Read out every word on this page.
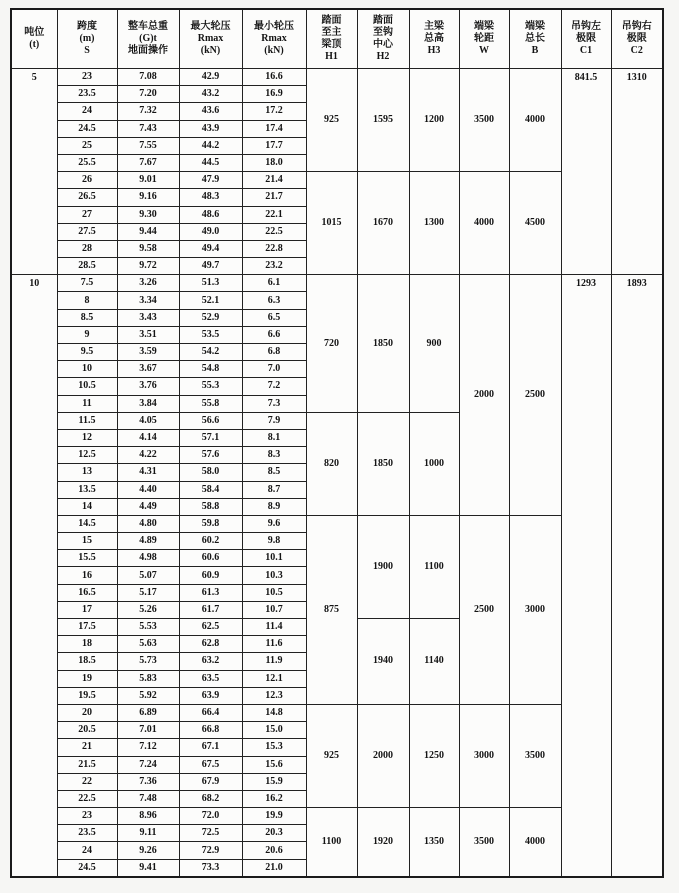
吨位
(t)

跨度
(m)
S

整车总重
(G)t
地面操作

最大轮压
Rmax
(kN)

最小轮压
Rmax
(kN)

踏面
至主
梁顶
H1

踏面
至钩
中心
H2

主梁
总高
H3

端梁
轮距
W

端梁
总长
B

吊钩左
极限
C1

吊钩右
极限
C2

5	23	7.08	42.9	16.6	925	1595	1200	3500	4000	841.5	1310
	23.5	7.20	43.2	16.9							
	24	7.32	43.6	17.2							
	24.5	7.43	43.9	17.4							
	25	7.55	44.2	17.7							
	25.5	7.67	44.5	18.0							
	26	9.01	47.9	21.4	1015	1670	1300	4000	4500		
	26.5	9.16	48.3	21.7							
	27	9.30	48.6	22.1							
	27.5	9.44	49.0	22.5							
	28	9.58	49.4	22.8							
	28.5	9.72	49.7	23.2							
10	7.5	3.26	51.3	6.1	720	1850	900	2000	2500	1293	1893
	8	3.34	52.1	6.3							
	8.5	3.43	52.9	6.5							
	9	3.51	53.5	6.6							
	9.5	3.59	54.2	6.8							
	10	3.67	54.8	7.0							
	10.5	3.76	55.3	7.2							
	11	3.84	55.8	7.3							
	11.5	4.05	56.6	7.9	820	1850	1000				
	12	4.14	57.1	8.1							
	12.5	4.22	57.6	8.3							
	13	4.31	58.0	8.5							
	13.5	4.40	58.4	8.7							
	14	4.49	58.8	8.9							
	14.5	4.80	59.8	9.6	875	1900	1100	2500	3000		
	15	4.89	60.2	9.8							
	15.5	4.98	60.6	10.1							
	16	5.07	60.9	10.3							
	16.5	5.17	61.3	10.5							
	17	5.26	61.7	10.7							
	17.5	5.53	62.5	11.4		1940	1140				
	18	5.63	62.8	11.6							
	18.5	5.73	63.2	11.9							
	19	5.83	63.5	12.1							
	19.5	5.92	63.9	12.3							
	20	6.89	66.4	14.8	925	2000	1250	3000	3500		
	20.5	7.01	66.8	15.0							
	21	7.12	67.1	15.3							
	21.5	7.24	67.5	15.6							
	22	7.36	67.9	15.9							
	22.5	7.48	68.2	16.2							
	23	8.96	72.0	19.9	1100	1920	1350	3500	4000		
	23.5	9.11	72.5	20.3							
	24	9.26	72.9	20.6							
	24.5	9.41	73.3	21.0							
